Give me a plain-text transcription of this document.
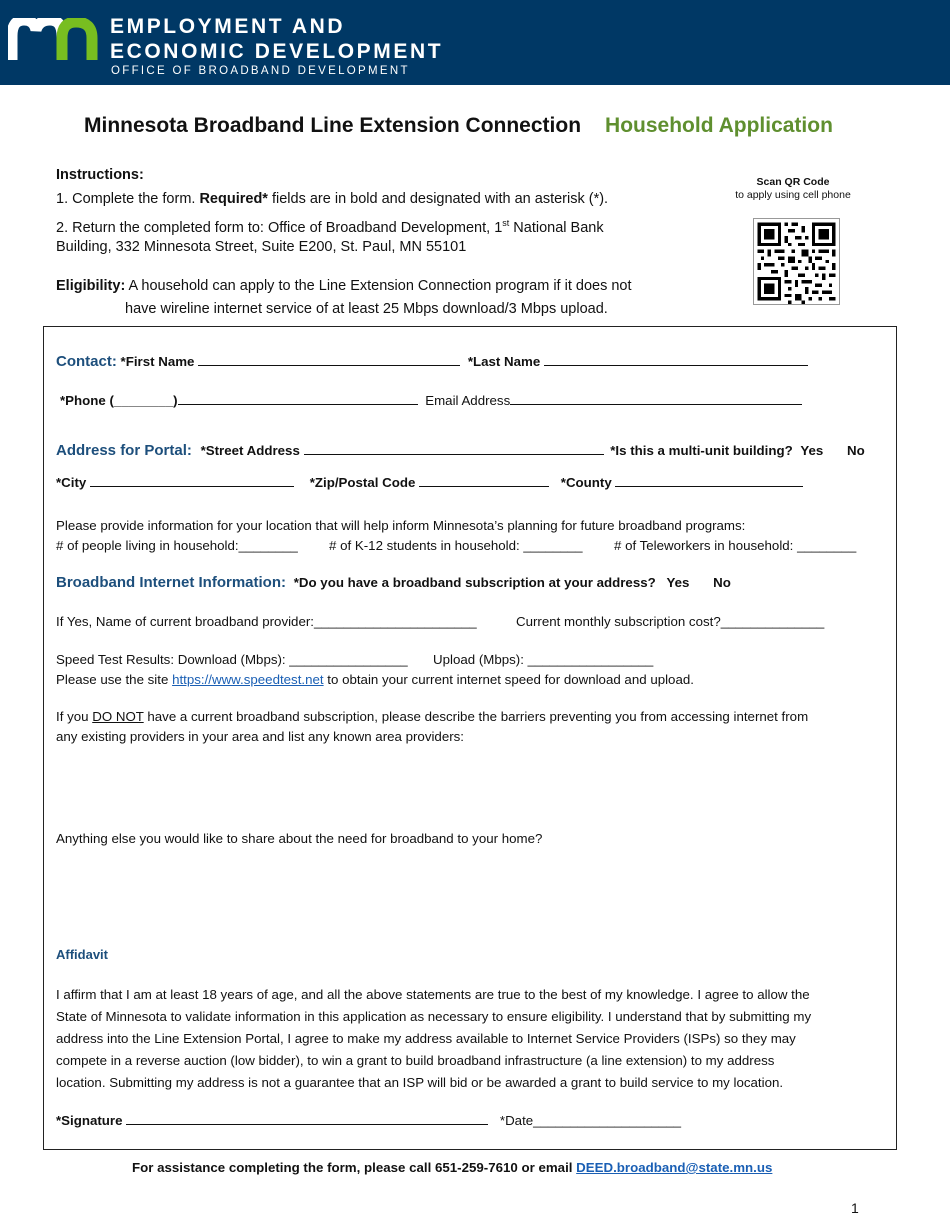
EMPLOYMENT AND
ECONOMIC DEVELOPMENT
OFFICE OF BROADBAND DEVELOPMENT
Minnesota Broadband Line Extension Connection Household Application
Instructions:
1. Complete the form. Required* fields are in bold and designated with an asterisk (*).
2. Return the completed form to: Office of Broadband Development, 1st National Bank
Building, 332 Minnesota Street, Suite E200, St. Paul, MN 55101
Eligibility: A household can apply to the Line Extension Connection program if it does not
have wireline internet service of at least 25 Mbps download/3 Mbps upload.
Scan QR Code
to apply using cell phone
Contact: *First Name	*Last Name
*Phone (________)	Email Address
Address for Portal: *Street Address	*Is this a multi-unit building? Yes No
*City	*Zip/Postal Code	*County
Please provide information for your location that will help inform Minnesota’s planning for future broadband programs:
# of people living in household:________ # of K-12 students in household: ________ # of Teleworkers in household: ________
Broadband Internet Information: *Do you have a broadband subscription at your address? Yes No
If Yes, Name of current broadband provider:______________________	Current monthly subscription cost?______________
Speed Test Results: Download (Mbps): ________________ Upload (Mbps): _________________
Please use the site https://www.speedtest.net to obtain your current internet speed for download and upload.
If you DO NOT have a current broadband subscription, please describe the barriers preventing you from accessing internet from
any existing providers in your area and list any known area providers:
Anything else you would like to share about the need for broadband to your home?
Affidavit
I affirm that I am at least 18 years of age, and all the above statements are true to the best of my knowledge. I agree to allow the
State of Minnesota to validate information in this application as necessary to ensure eligibility. I understand that by submitting my
address into the Line Extension Portal, I agree to make my address available to Internet Service Providers (ISPs) so they may
compete in a reverse auction (low bidder), to win a grant to build broadband infrastructure (a line extension) to my address
location. Submitting my address is not a guarantee that an ISP will bid or be awarded a grant to build service to my location.
*Signature	*Date____________________
For assistance completing the form, please call 651-259-7610 or email DEED.broadband@state.mn.us
1
